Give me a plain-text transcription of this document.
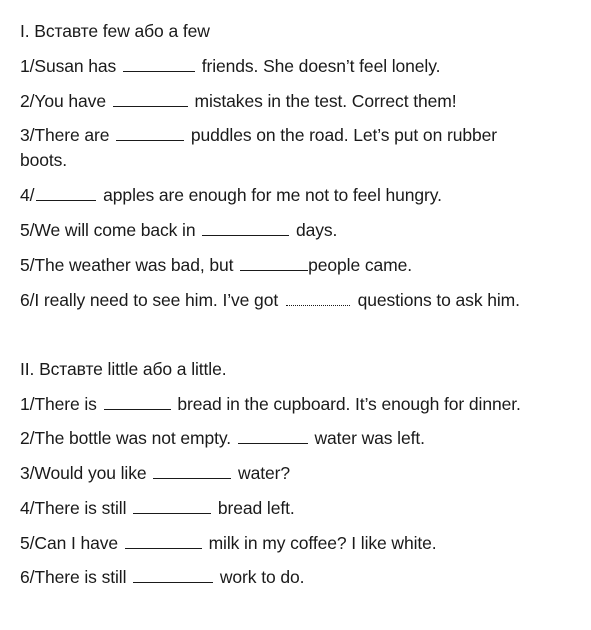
I. Вставте few або a few
1/Susan has	friends. She doesn’t feel lonely.
2/You have	mistakes in the test. Correct them!
3/There are	puddles on the road. Let’s put on rubber
boots.
4/	apples are enough for me not to feel hungry.
5/We will come back in	days.
5/The weather was bad, but	people came.
6/I really need to see him. I’ve got	questions to ask him.
II. Вставте little або a little.
1/There is	bread in the cupboard. It’s enough for dinner.
2/The bottle was not empty.	water was left.
3/Would you like	water?
4/There is still	bread left.
5/Can I have	milk in my coffee? I like white.
6/There is still	work to do.
